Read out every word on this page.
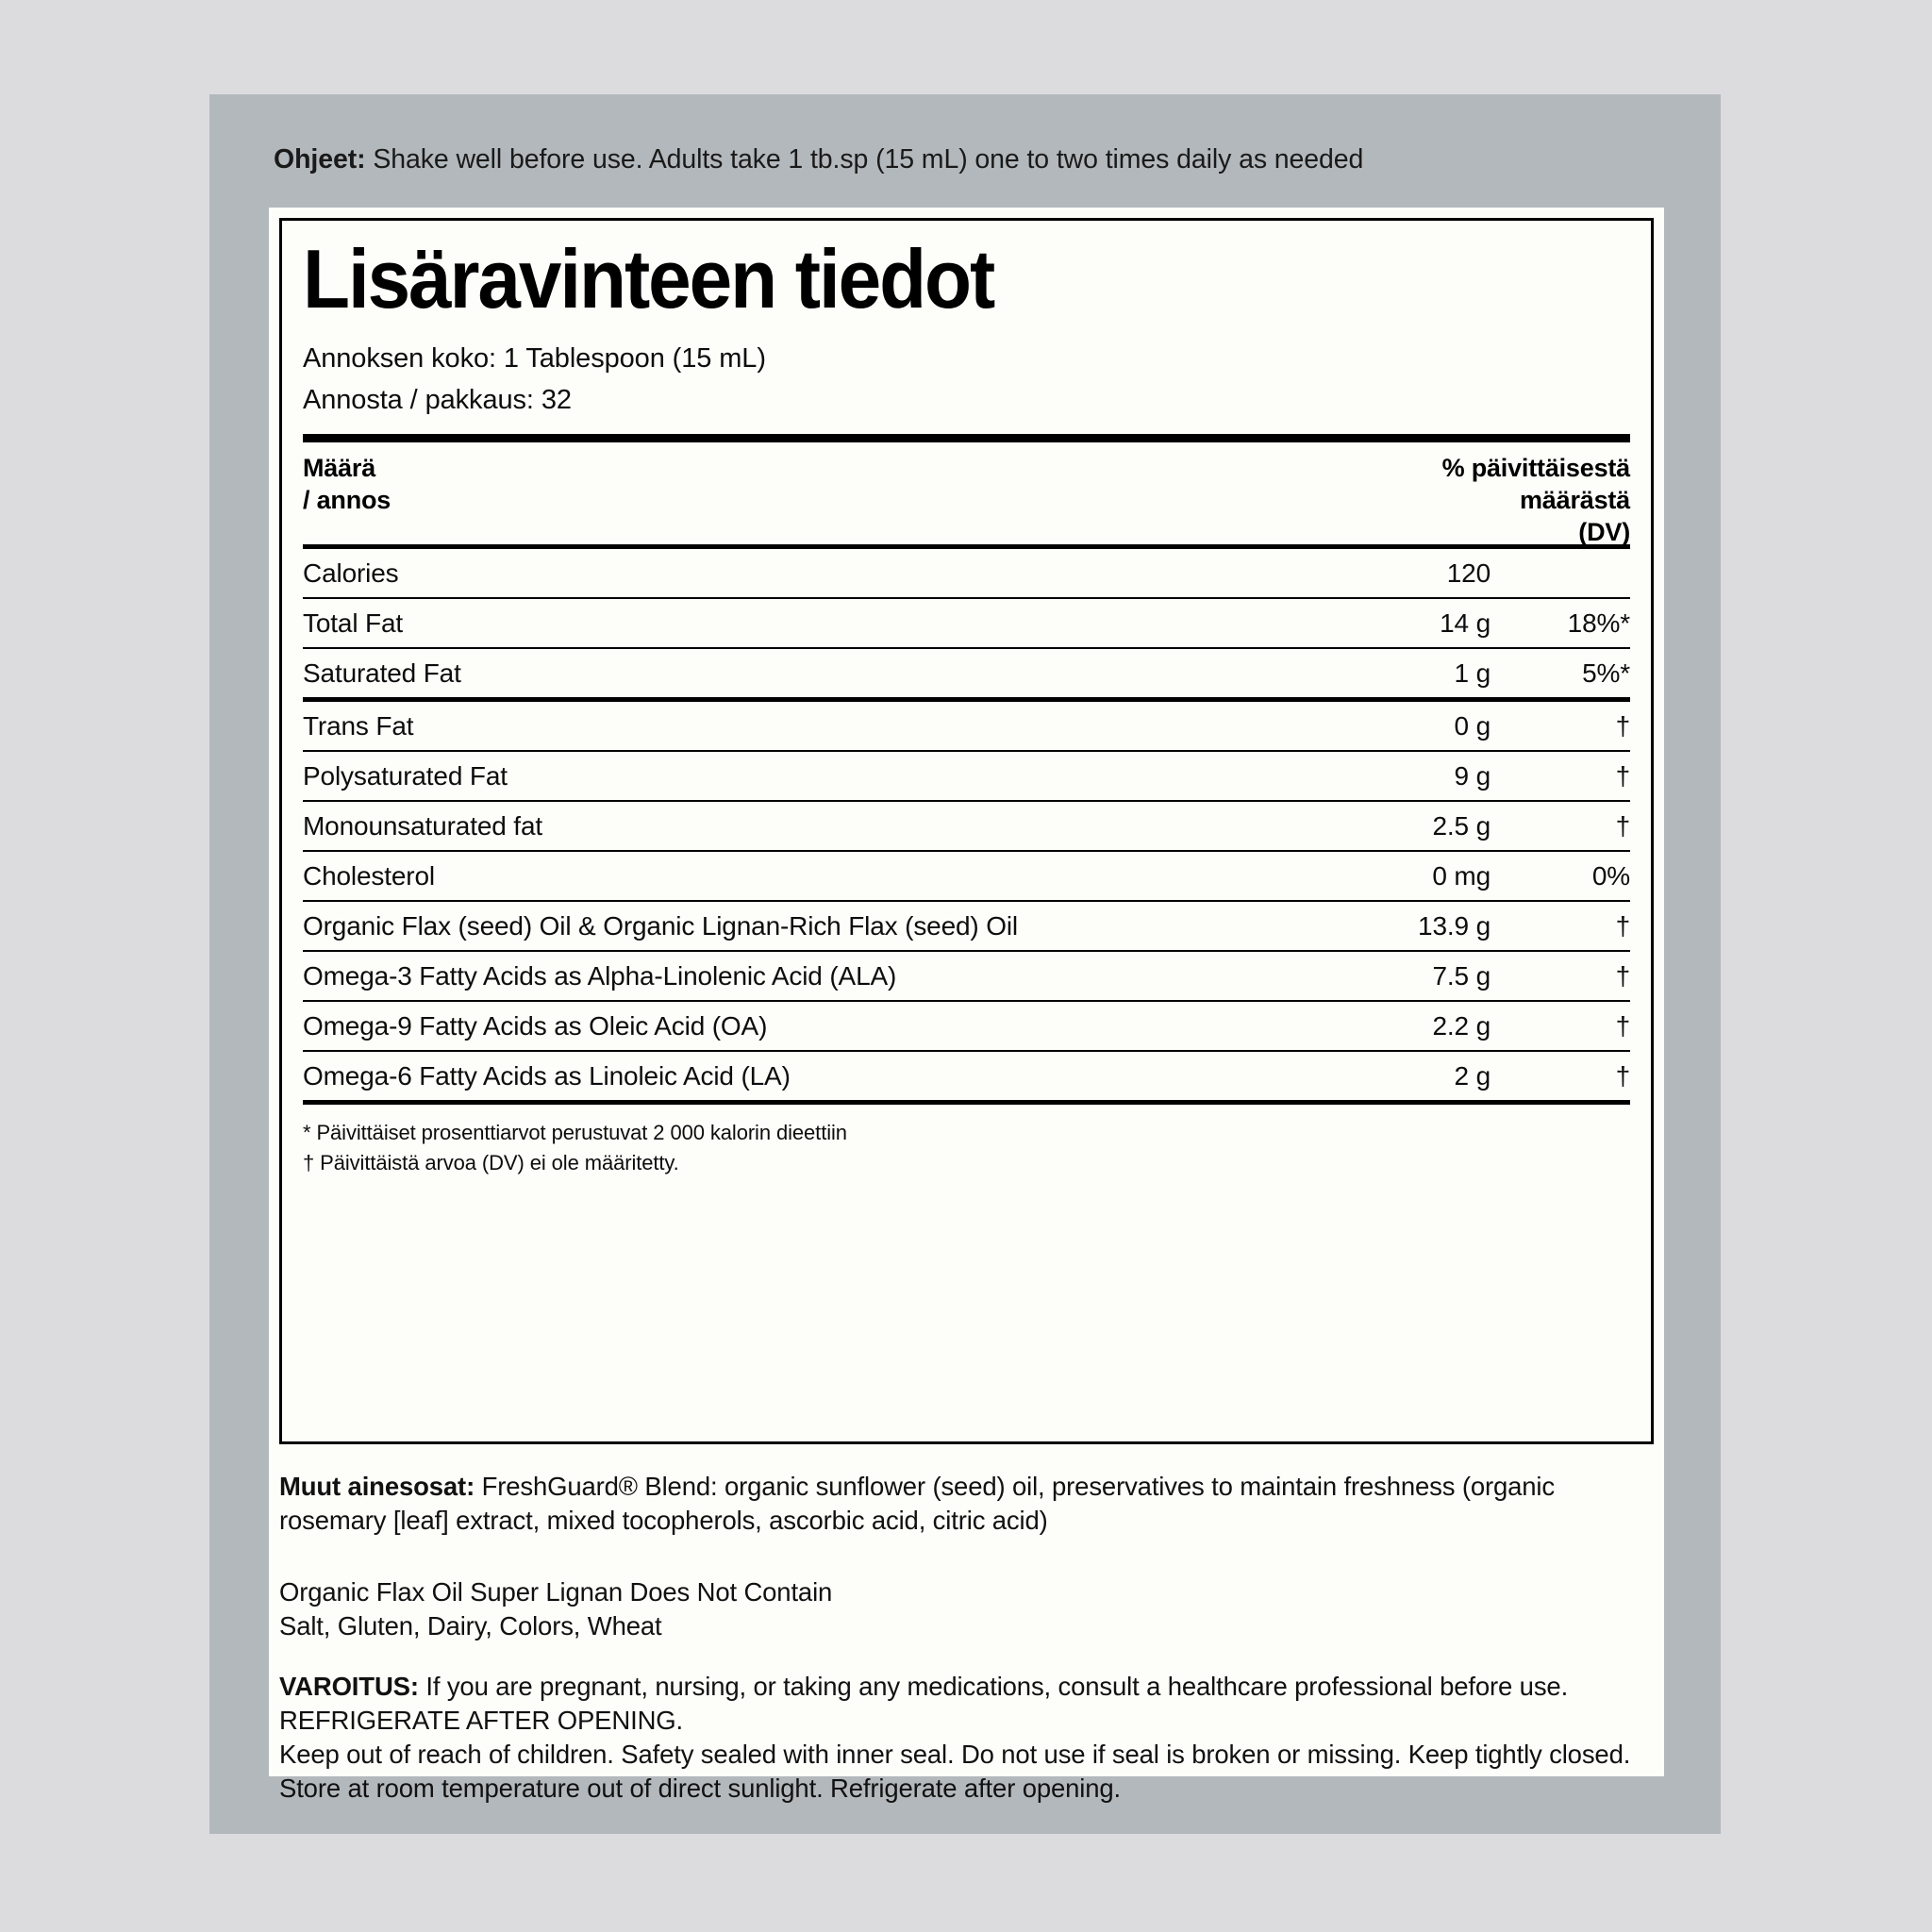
Ohjeet: Shake well before use. Adults take 1 tb.sp (15 mL) one to two times daily as needed
Lisäravinteen tiedot
Annoksen koko: 1 Tablespoon (15 mL)
Annosta / pakkaus: 32
Määrä
/ annos
% päivittäisestä
määrästä
(DV)
Calories	120
Total Fat	14 g	18%*
Saturated Fat	1 g	5%*
Trans Fat	0 g	†
Polysaturated Fat	9 g	†
Monounsaturated fat	2.5 g	†
Cholesterol	0 mg	0%
Organic Flax (seed) Oil & Organic Lignan-Rich Flax (seed) Oil	13.9 g	†
Omega-3 Fatty Acids as Alpha-Linolenic Acid (ALA)	7.5 g	†
Omega-9 Fatty Acids as Oleic Acid (OA)	2.2 g	†
Omega-6 Fatty Acids as Linoleic Acid (LA)	2 g	†
* Päivittäiset prosenttiarvot perustuvat 2 000 kalorin dieettiin
† Päivittäistä arvoa (DV) ei ole määritetty.
Muut ainesosat: FreshGuard® Blend: organic sunflower (seed) oil, preservatives to maintain freshness (organic rosemary [leaf] extract, mixed tocopherols, ascorbic acid, citric acid)
Organic Flax Oil Super Lignan Does Not Contain
Salt, Gluten, Dairy, Colors, Wheat
VAROITUS: If you are pregnant, nursing, or taking any medications, consult a healthcare professional before use.
REFRIGERATE AFTER OPENING.
Keep out of reach of children. Safety sealed with inner seal. Do not use if seal is broken or missing. Keep tightly closed.
Store at room temperature out of direct sunlight. Refrigerate after opening.
